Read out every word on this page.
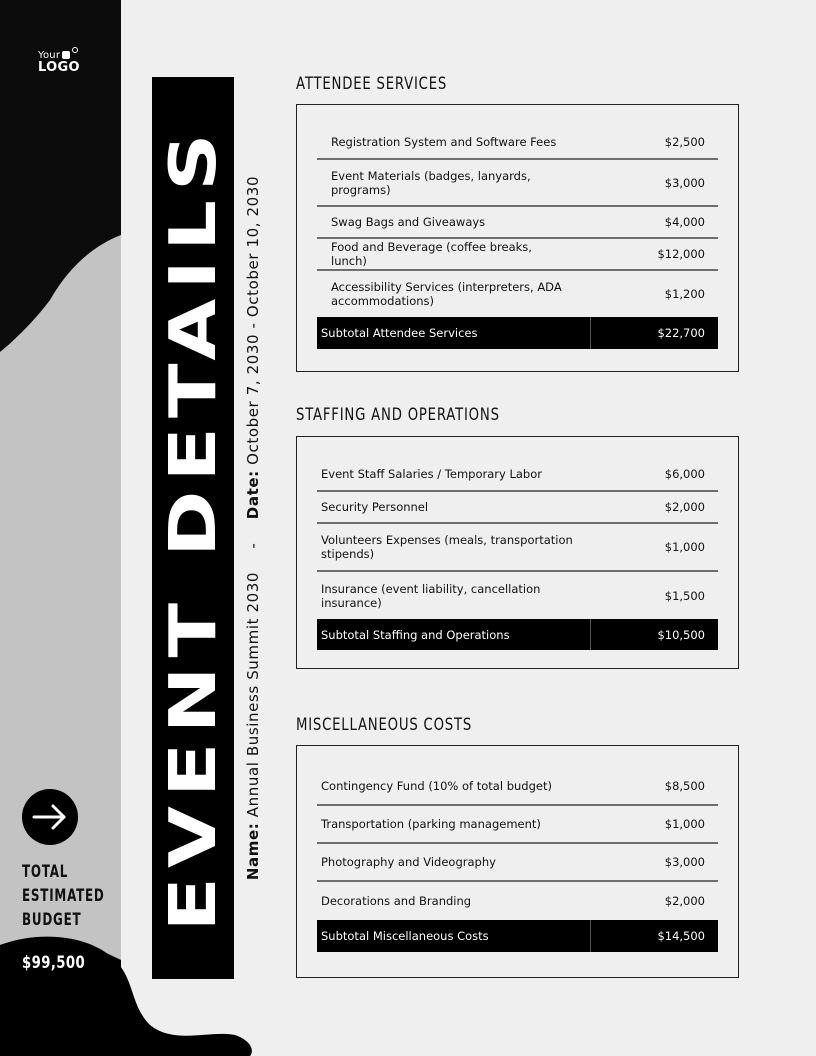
Your
LOGO
TOTAL
ESTIMATED
BUDGET
$99,500
EVENT DETAILS Name: Annual Business Summit 2030 - Date: October 7, 2030 - October 10, 2030
ATTENDEE SERVICES
Registration System and Software Fees	$2,500
Event Materials (badges, lanyards, programs)	$3,000
Swag Bags and Giveaways	$4,000
Food and Beverage (coffee breaks, lunch)	$12,000
Accessibility Services (interpreters, ADA accommodations)	$1,200
Subtotal Attendee Services	$22,700
STAFFING AND OPERATIONS
Event Staff Salaries / Temporary Labor	$6,000
Security Personnel	$2,000
Volunteers Expenses (meals, transportation stipends)	$1,000
Insurance (event liability, cancellation insurance)	$1,500
Subtotal Staffing and Operations	$10,500
MISCELLANEOUS COSTS
Contingency Fund (10% of total budget)	$8,500
Transportation (parking management)	$1,000
Photography and Videography	$3,000
Decorations and Branding	$2,000
Subtotal Miscellaneous Costs	$14,500
